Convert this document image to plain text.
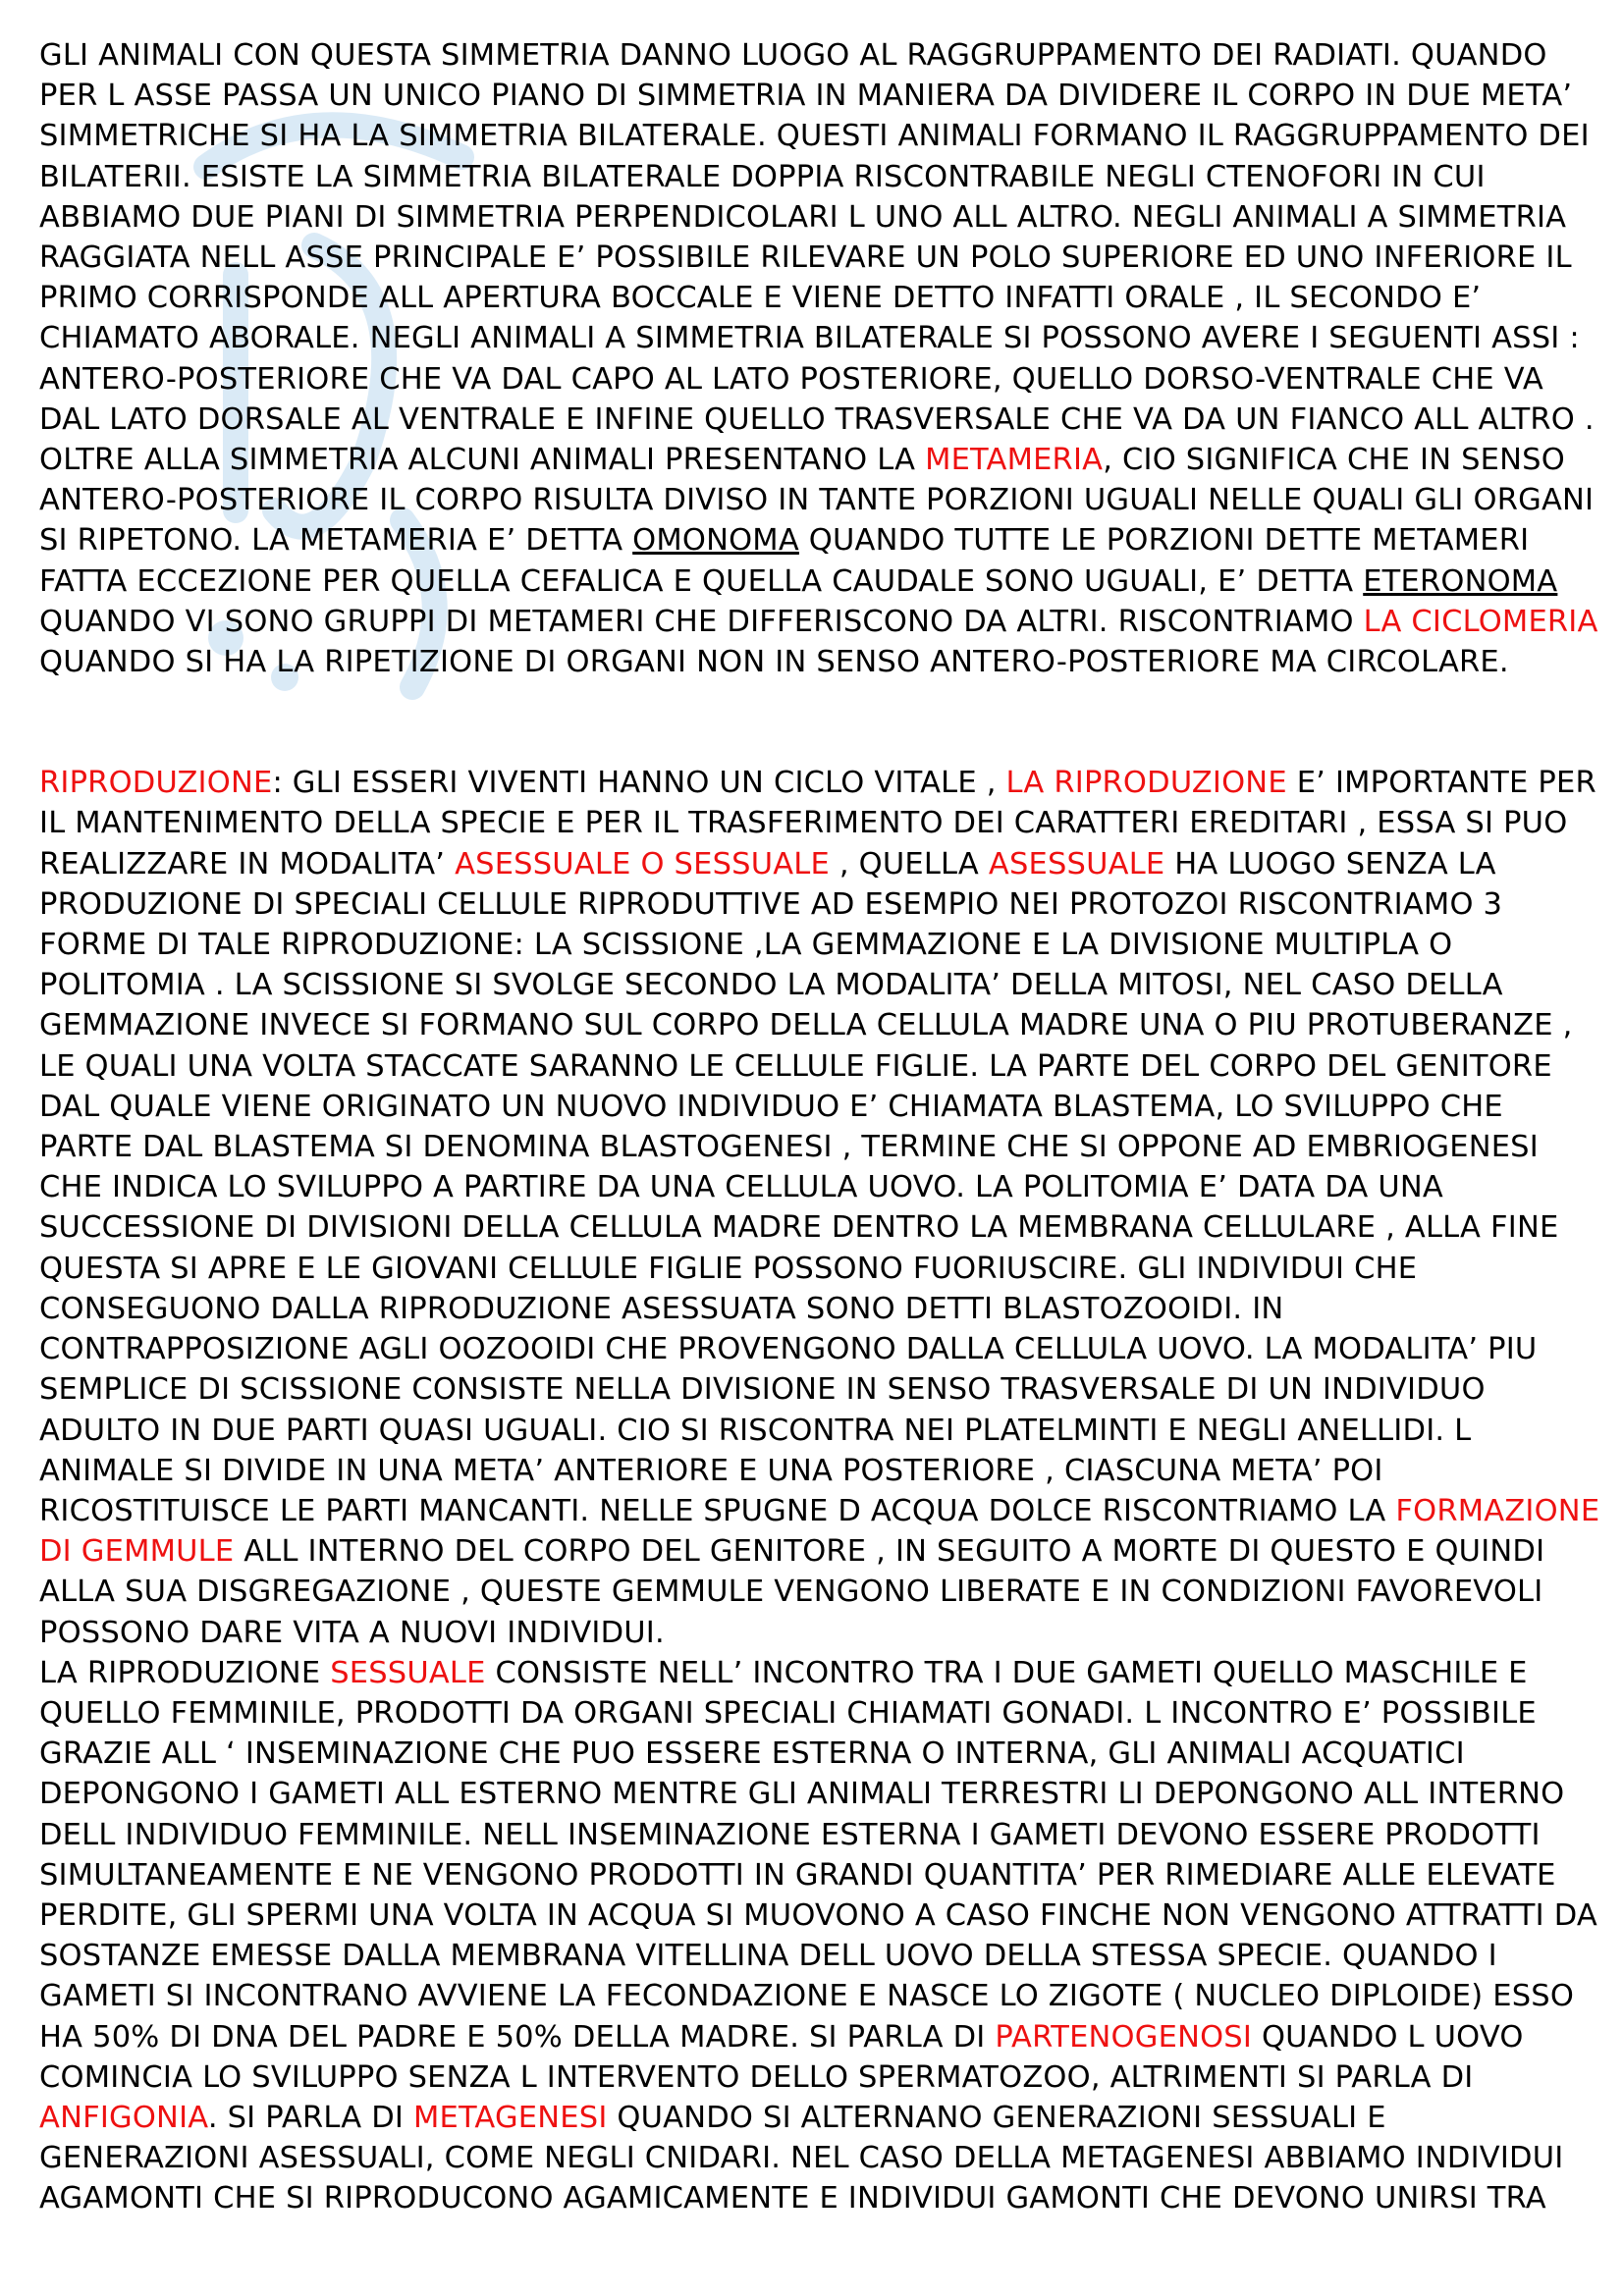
GLI ANIMALI CON QUESTA SIMMETRIA DANNO LUOGO AL RAGGRUPPAMENTO DEI RADIATI. QUANDO PER L ASSE PASSA UN UNICO PIANO DI SIMMETRIA IN MANIERA DA DIVIDERE IL CORPO IN DUE META’ SIMMETRICHE SI HA LA SIMMETRIA BILATERALE. QUESTI ANIMALI FORMANO IL RAGGRUPPAMENTO DEI BILATERII. ESISTE LA SIMMETRIA BILATERALE DOPPIA RISCONTRABILE NEGLI CTENOFORI IN CUI ABBIAMO DUE PIANI DI SIMMETRIA PERPENDICOLARI L UNO ALL ALTRO. NEGLI ANIMALI A SIMMETRIA RAGGIATA NELL ASSE PRINCIPALE E’ POSSIBILE RILEVARE UN POLO SUPERIORE ED UNO INFERIORE IL PRIMO CORRISPONDE ALL APERTURA BOCCALE E VIENE DETTO INFATTI ORALE , IL SECONDO E’ CHIAMATO ABORALE. NEGLI ANIMALI A SIMMETRIA BILATERALE SI POSSONO AVERE I SEGUENTI ASSI : ANTERO-POSTERIORE CHE VA DAL CAPO AL LATO POSTERIORE, QUELLO DORSO-VENTRALE CHE VA DAL LATO DORSALE AL VENTRALE E INFINE QUELLO TRASVERSALE CHE VA DA UN FIANCO ALL ALTRO .

OLTRE ALLA SIMMETRIA ALCUNI ANIMALI PRESENTANO LA METAMERIA, CIO SIGNIFICA CHE IN SENSO ANTERO-POSTERIORE IL CORPO RISULTA DIVISO IN TANTE PORZIONI UGUALI NELLE QUALI GLI ORGANI SI RIPETONO. LA METAMERIA E’ DETTA OMONOMA QUANDO TUTTE LE PORZIONI DETTE METAMERI FATTA ECCEZIONE PER QUELLA CEFALICA E QUELLA CAUDALE SONO UGUALI, E’ DETTA ETERONOMA QUANDO VI SONO GRUPPI DI METAMERI CHE DIFFERISCONO DA ALTRI. RISCONTRIAMO LA CICLOMERIA QUANDO SI HA LA RIPETIZIONE DI ORGANI NON IN SENSO ANTERO-POSTERIORE MA CIRCOLARE.

RIPRODUZIONE: GLI ESSERI VIVENTI HANNO UN CICLO VITALE , LA RIPRODUZIONE E’ IMPORTANTE PER IL MANTENIMENTO DELLA SPECIE E PER IL TRASFERIMENTO DEI CARATTERI EREDITARI , ESSA SI PUO REALIZZARE IN MODALITA’ ASESSUALE O SESSUALE , QUELLA ASESSUALE HA LUOGO SENZA LA PRODUZIONE DI SPECIALI CELLULE RIPRODUTTIVE AD ESEMPIO NEI PROTOZOI RISCONTRIAMO 3 FORME DI TALE RIPRODUZIONE: LA SCISSIONE ,LA GEMMAZIONE E LA DIVISIONE MULTIPLA O POLITOMIA . LA SCISSIONE SI SVOLGE SECONDO LA MODALITA’ DELLA MITOSI, NEL CASO DELLA GEMMAZIONE INVECE SI FORMANO SUL CORPO DELLA CELLULA MADRE UNA O PIU PROTUBERANZE , LE QUALI UNA VOLTA STACCATE SARANNO LE CELLULE FIGLIE. LA PARTE DEL CORPO DEL GENITORE DAL QUALE VIENE ORIGINATO UN NUOVO INDIVIDUO E’ CHIAMATA BLASTEMA, LO SVILUPPO CHE PARTE DAL BLASTEMA SI DENOMINA BLASTOGENESI , TERMINE CHE SI OPPONE AD EMBRIOGENESI CHE INDICA LO SVILUPPO A PARTIRE DA UNA CELLULA UOVO. LA POLITOMIA E’ DATA DA UNA SUCCESSIONE DI DIVISIONI DELLA CELLULA MADRE DENTRO LA MEMBRANA CELLULARE , ALLA FINE QUESTA SI APRE E LE GIOVANI CELLULE FIGLIE POSSONO FUORIUSCIRE. GLI INDIVIDUI CHE CONSEGUONO DALLA RIPRODUZIONE ASESSUATA SONO DETTI BLASTOZOOIDI. IN CONTRAPPOSIZIONE AGLI OOZOOIDI CHE PROVENGONO DALLA CELLULA UOVO. LA MODALITA’ PIU SEMPLICE DI SCISSIONE CONSISTE NELLA DIVISIONE IN SENSO TRASVERSALE DI UN INDIVIDUO ADULTO IN DUE PARTI QUASI UGUALI. CIO SI RISCONTRA NEI PLATELMINTI E NEGLI ANELLIDI. L ANIMALE SI DIVIDE IN UNA META’ ANTERIORE E UNA POSTERIORE , CIASCUNA META’ POI RICOSTITUISCE LE PARTI MANCANTI. NELLE SPUGNE D ACQUA DOLCE RISCONTRIAMO LA FORMAZIONE DI GEMMULE ALL INTERNO DEL CORPO DEL GENITORE , IN SEGUITO A MORTE DI QUESTO E QUINDI ALLA SUA DISGREGAZIONE , QUESTE GEMMULE VENGONO LIBERATE E IN CONDIZIONI FAVOREVOLI POSSONO DARE VITA A NUOVI INDIVIDUI.

LA RIPRODUZIONE SESSUALE CONSISTE NELL’ INCONTRO TRA I DUE GAMETI QUELLO MASCHILE E QUELLO FEMMINILE, PRODOTTI DA ORGANI SPECIALI CHIAMATI GONADI. L INCONTRO E’ POSSIBILE GRAZIE ALL ‘ INSEMINAZIONE CHE PUO ESSERE ESTERNA O INTERNA, GLI ANIMALI ACQUATICI DEPONGONO I GAMETI ALL ESTERNO MENTRE GLI ANIMALI TERRESTRI LI DEPONGONO ALL INTERNO DELL INDIVIDUO FEMMINILE. NELL INSEMINAZIONE ESTERNA I GAMETI DEVONO ESSERE PRODOTTI SIMULTANEAMENTE E NE VENGONO PRODOTTI IN GRANDI QUANTITA’ PER RIMEDIARE ALLE ELEVATE PERDITE, GLI SPERMI UNA VOLTA IN ACQUA SI MUOVONO A CASO FINCHE NON VENGONO ATTRATTI DA SOSTANZE EMESSE DALLA MEMBRANA VITELLINA DELL UOVO DELLA STESSA SPECIE. QUANDO I GAMETI SI INCONTRANO AVVIENE LA FECONDAZIONE E NASCE LO ZIGOTE ( NUCLEO DIPLOIDE) ESSO HA 50% DI DNA DEL PADRE E 50% DELLA MADRE. SI PARLA DI PARTENOGENOSI QUANDO L UOVO COMINCIA LO SVILUPPO SENZA L INTERVENTO DELLO SPERMATOZOO, ALTRIMENTI SI PARLA DI ANFIGONIA. SI PARLA DI METAGENESI QUANDO SI ALTERNANO GENERAZIONI SESSUALI E GENERAZIONI ASESSUALI, COME NEGLI CNIDARI. NEL CASO DELLA METAGENESI ABBIAMO INDIVIDUI AGAMONTI CHE SI RIPRODUCONO AGAMICAMENTE E INDIVIDUI GAMONTI CHE DEVONO UNIRSI TRA
